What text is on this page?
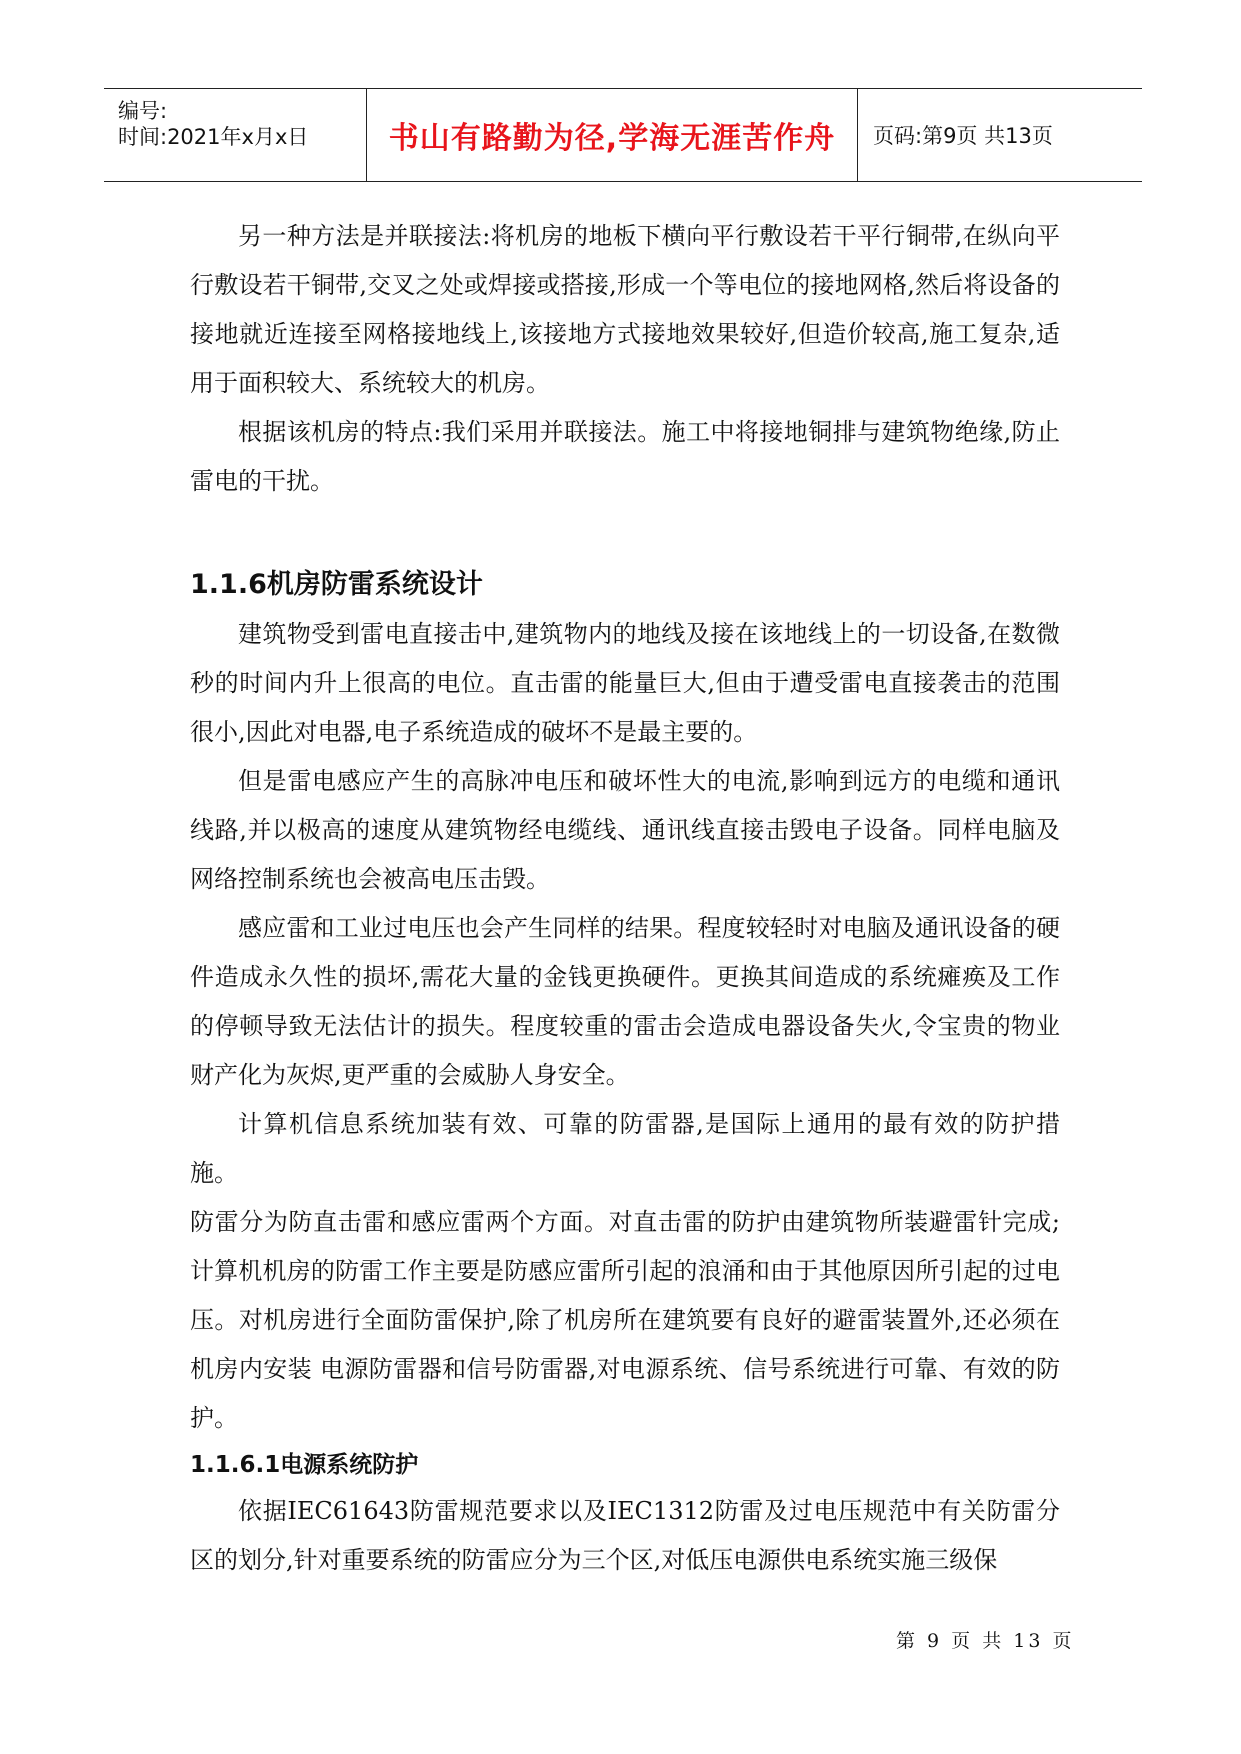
编号:
时间:2021年x月x日	书山有路勤为径,学海无涯苦作舟 页码:第9页 共13页

另一种方法是并联接法:将机房的地板下横向平行敷设若干平行铜带,在纵向平行敷设若干铜带,交叉之处或焊接或搭接,形成一个等电位的接地网格,然后将设备的接地就近连接至网格接地线上,该接地方式接地效果较好,但造价较高,施工复杂,适用于面积较大、系统较大的机房。

根据该机房的特点:我们采用并联接法。施工中将接地铜排与建筑物绝缘,防止雷电的干扰。

1.1.6机房防雷系统设计

建筑物受到雷电直接击中,建筑物内的地线及接在该地线上的一切设备,在数微秒的时间内升上很高的电位。直击雷的能量巨大,但由于遭受雷电直接袭击的范围很小,因此对电器,电子系统造成的破坏不是最主要的。

但是雷电感应产生的高脉冲电压和破坏性大的电流,影响到远方的电缆和通讯线路,并以极高的速度从建筑物经电缆线、通讯线直接击毁电子设备。同样电脑及网络控制系统也会被高电压击毁。

感应雷和工业过电压也会产生同样的结果。程度较轻时对电脑及通讯设备的硬件造成永久性的损坏,需花大量的金钱更换硬件。更换其间造成的系统瘫痪及工作的停顿导致无法估计的损失。程度较重的雷击会造成电器设备失火,令宝贵的物业财产化为灰烬,更严重的会威胁人身安全。

计算机信息系统加装有效、可靠的防雷器,是国际上通用的最有效的防护措施。

防雷分为防直击雷和感应雷两个方面。对直击雷的防护由建筑物所装避雷针完成;计算机机房的防雷工作主要是防感应雷所引起的浪涌和由于其他原因所引起的过电压。对机房进行全面防雷保护,除了机房所在建筑要有良好的避雷装置外,还必须在机房内安装 电源防雷器和信号防雷器,对电源系统、信号系统进行可靠、有效的防护。

1.1.6.1电源系统防护

依据IEC61643防雷规范要求以及IEC1312防雷及过电压规范中有关防雷分区的划分,针对重要系统的防雷应分为三个区,对低压电源供电系统实施三级保

第 9 页 共 13 页
